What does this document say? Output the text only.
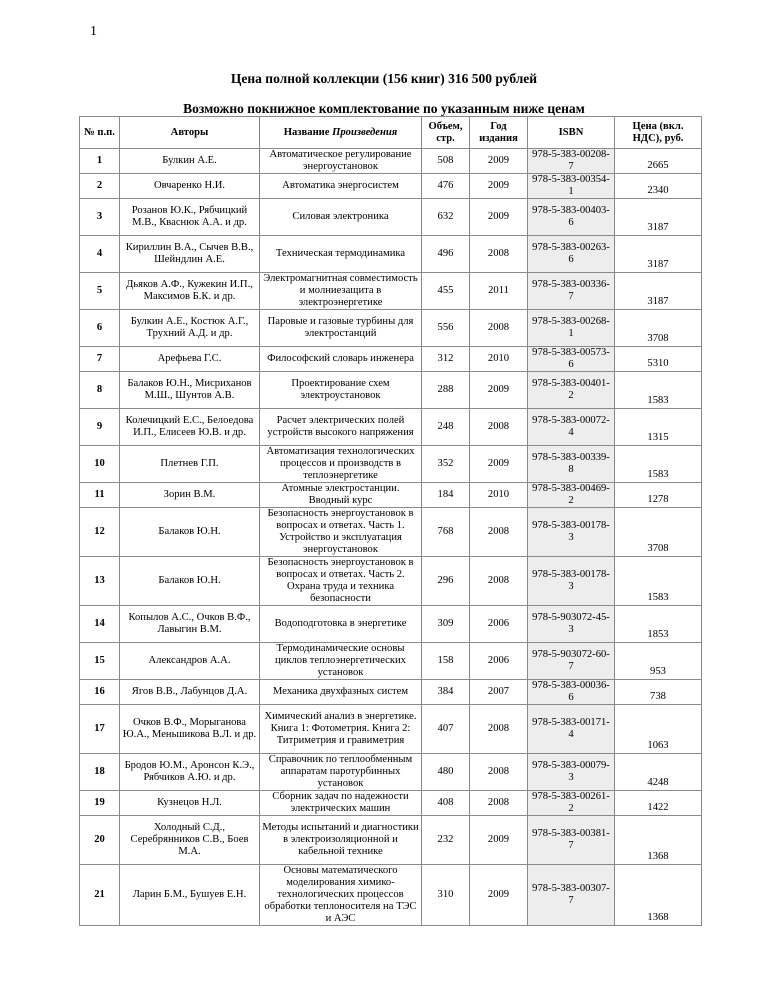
1
Цена полной коллекции (156 книг) 316 500 рублей
Возможно покнижное комплектование по указанным ниже ценам
№ п.п.	Авторы	Название Произведения	Объем, стр.	Год издания	ISBN	Цена (вкл. НДС), руб.
1	Булкин А.Е.	Автоматическое регулирование энергоустановок	508	2009	978-5-383-00208-7	2665
2	Овчаренко Н.И.	Автоматика энергосистем	476	2009	978-5-383-00354-1	2340
3	Розанов Ю.К., Рябчицкий М.В., Кваснюк А.А. и др.	Силовая электроника	632	2009	978-5-383-00403-6	3187
4	Кириллин В.А., Сычев В.В., Шейндлин А.Е.	Техническая термодинамика	496	2008	978-5-383-00263-6	3187
5	Дьяков А.Ф., Кужекин И.П., Максимов Б.К. и др.	Электромагнитная совместимость и молниезащита в электроэнергетике	455	2011	978-5-383-00336-7	3187
6	Булкин А.Е., Костюк А.Г., Трухний А.Д. и др.	Паровые и газовые турбины для электростанций	556	2008	978-5-383-00268-1	3708
7	Арефьева Г.С.	Философский словарь инженера	312	2010	978-5-383-00573-6	5310
8	Балаков Ю.Н., Мисриханов М.Ш., Шунтов А.В.	Проектирование схем электроустановок	288	2009	978-5-383-00401-2	1583
9	Колечицкий Е.С., Белоедова И.П., Елисеев Ю.В. и др.	Расчет электрических полей устройств высокого напряжения	248	2008	978-5-383-00072-4	1315
10	Плетнев Г.П.	Автоматизация технологических процессов и производств в теплоэнергетике	352	2009	978-5-383-00339-8	1583
11	Зорин В.М.	Атомные электростанции. Вводный курс	184	2010	978-5-383-00469-2	1278
12	Балаков Ю.Н.	Безопасность энергоустановок в вопросах и ответах. Часть 1. Устройство и эксплуатация энергоустановок	768	2008	978-5-383-00178-3	3708
13	Балаков Ю.Н.	Безопасность энергоустановок в вопросах и ответах. Часть 2. Охрана труда и техника безопасности	296	2008	978-5-383-00178-3	1583
14	Копылов А.С., Очков В.Ф., Лавыгин В.М.	Водоподготовка в энергетике	309	2006	978-5-903072-45-3	1853
15	Александров А.А.	Термодинамические основы циклов теплоэнергетических установок	158	2006	978-5-903072-60-7	953
16	Ягов В.В., Лабунцов Д.А.	Механика двухфазных систем	384	2007	978-5-383-00036-6	738
17	Очков В.Ф., Морыганова Ю.А., Меньшикова В.Л. и др.	Химический анализ в энергетике. Книга 1: Фотометрия. Книга 2: Титриметрия и гравиметрия	407	2008	978-5-383-00171-4	1063
18	Бродов Ю.М., Аронсон К.Э., Рябчиков А.Ю. и др.	Справочник по теплообменным аппаратам паротурбинных установок	480	2008	978-5-383-00079-3	4248
19	Кузнецов Н.Л.	Сборник задач по надежности электрических машин	408	2008	978-5-383-00261-2	1422
20	Холодный С.Д., Серебрянников С.В., Боев М.А.	Методы испытаний и диагностики в электроизоляционной и кабельной технике	232	2009	978-5-383-00381-7	1368
21	Ларин Б.М., Бушуев Е.Н.	Основы математического моделирования химико-технологических процессов обработки теплоносителя на ТЭС и АЭС	310	2009	978-5-383-00307-7	1368
